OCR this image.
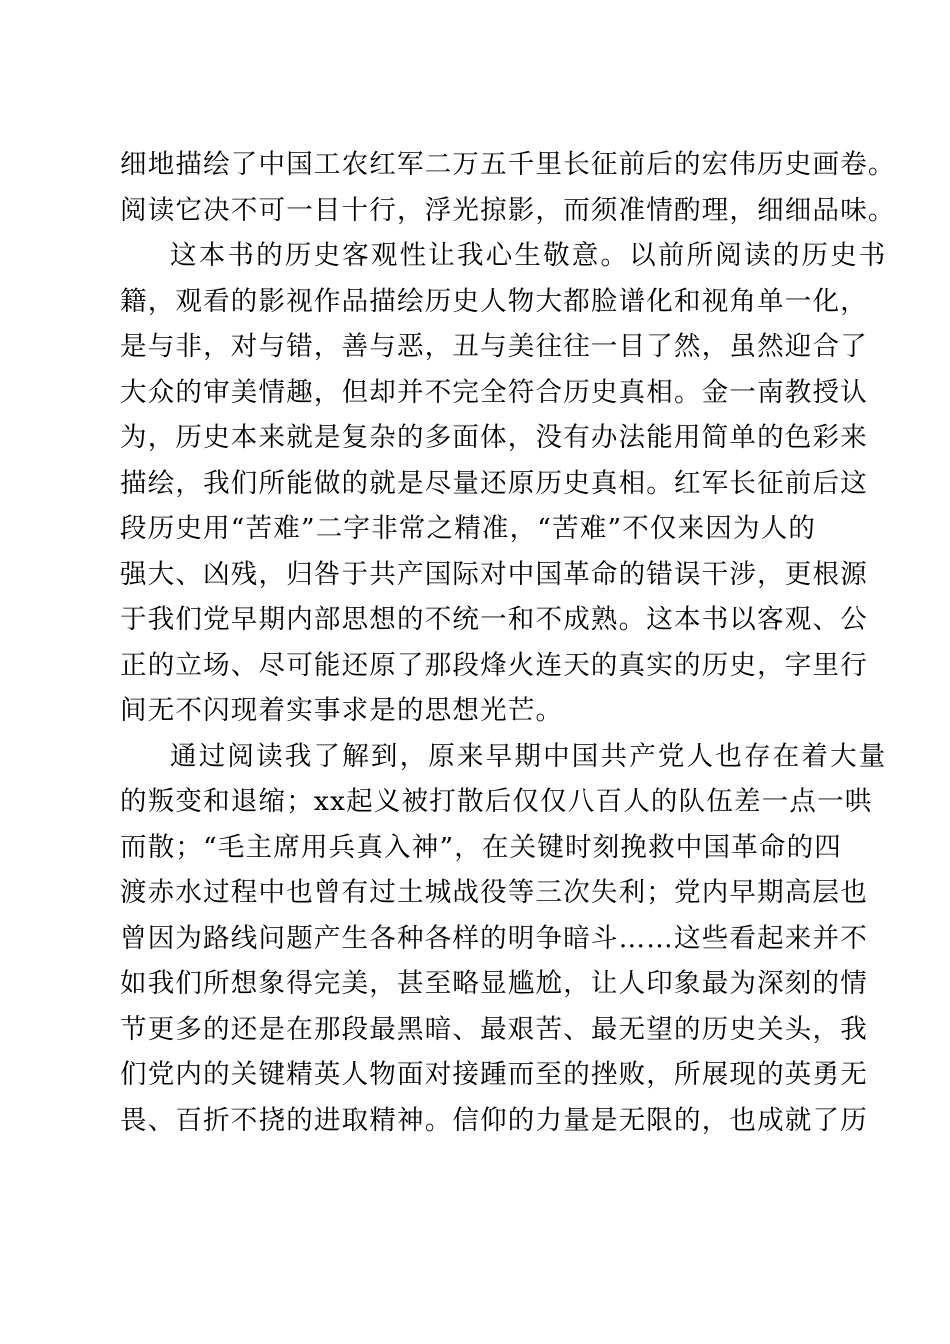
细地描绘了中国工农红军二万五千里长征前后的宏伟历史画卷。
阅读它决不可一目十行，浮光掠影，而须准情酌理，细细品味。
这本书的历史客观性让我心生敬意。以前所阅读的历史书
籍，观看的影视作品描绘历史人物大都脸谱化和视角单一化，
是与非，对与错，善与恶，丑与美往往一目了然，虽然迎合了
大众的审美情趣，但却并不完全符合历史真相。金一南教授认
为，历史本来就是复杂的多面体，没有办法能用简单的色彩来
描绘，我们所能做的就是尽量还原历史真相。红军长征前后这
段历史用“苦难”二字非常之精准，“苦难”不仅来因为人的
强大、凶残，归咎于共产国际对中国革命的错误干涉，更根源
于我们党早期内部思想的不统一和不成熟。这本书以客观、公
正的立场、尽可能还原了那段烽火连天的真实的历史，字里行
间无不闪现着实事求是的思想光芒。
通过阅读我了解到，原来早期中国共产党人也存在着大量
的叛变和退缩；xx起义被打散后仅仅八百人的队伍差一点一哄
而散；“毛主席用兵真入神”，在关键时刻挽救中国革命的四
渡赤水过程中也曾有过土城战役等三次失利；党内早期高层也
曾因为路线问题产生各种各样的明争暗斗……这些看起来并不
如我们所想象得完美，甚至略显尴尬，让人印象最为深刻的情
节更多的还是在那段最黑暗、最艰苦、最无望的历史关头，我
们党内的关键精英人物面对接踵而至的挫败，所展现的英勇无
畏、百折不挠的进取精神。信仰的力量是无限的，也成就了历
